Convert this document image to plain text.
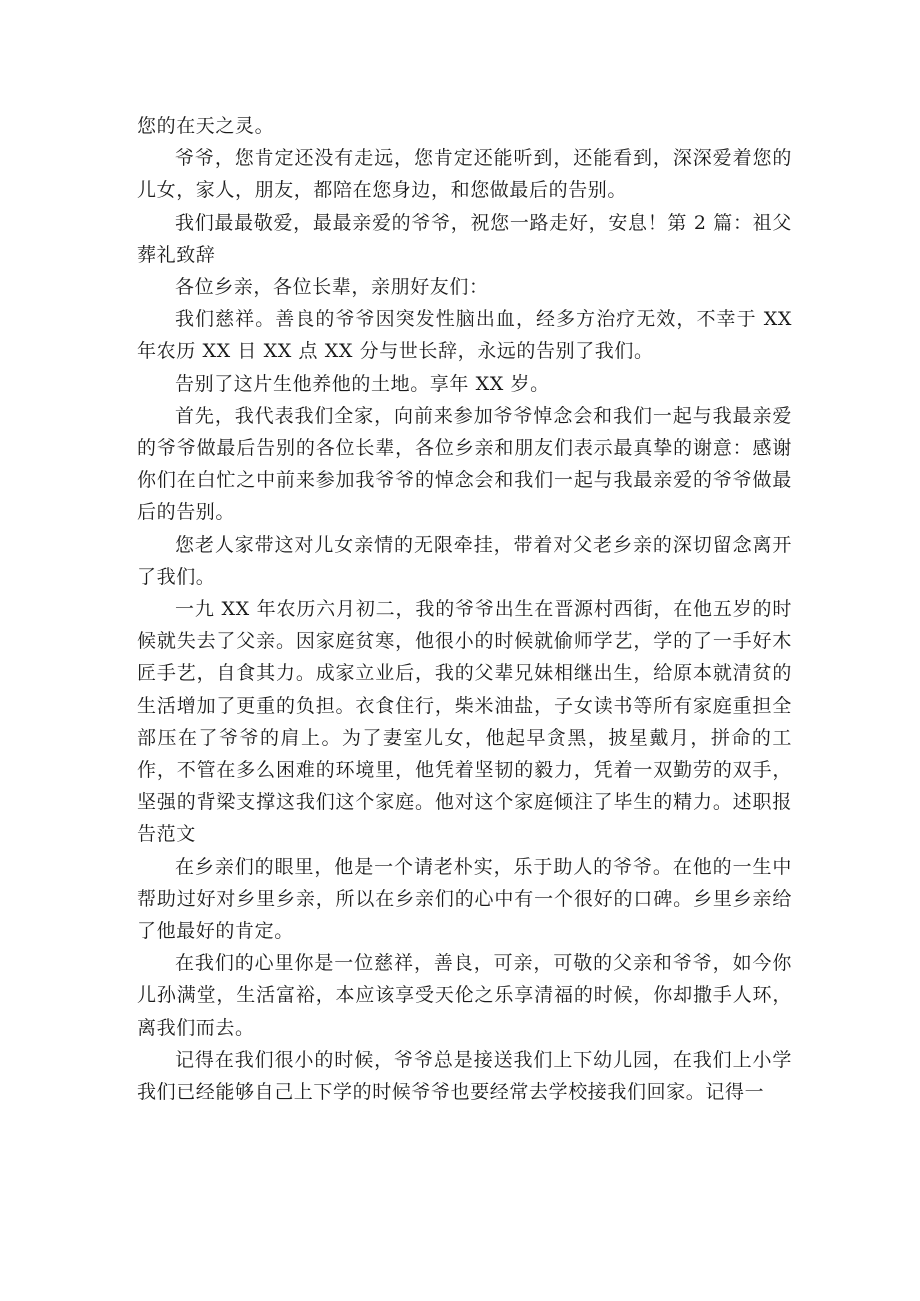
您的在天之灵。

爷爷，您肯定还没有走远，您肯定还能听到，还能看到，深深爱着您的儿女，家人，朋友，都陪在您身边，和您做最后的告别。

我们最最敬爱，最最亲爱的爷爷，祝您一路走好，安息！第 2 篇：祖父葬礼致辞

各位乡亲，各位长辈，亲朋好友们：

我们慈祥。善良的爷爷因突发性脑出血，经多方治疗无效，不幸于 XX 年农历 XX 日 XX 点 XX 分与世长辞，永远的告别了我们。

告别了这片生他养他的土地。享年 XX 岁。

首先，我代表我们全家，向前来参加爷爷悼念会和我们一起与我最亲爱的爷爷做最后告别的各位长辈，各位乡亲和朋友们表示最真挚的谢意：感谢你们在白忙之中前来参加我爷爷的悼念会和我们一起与我最亲爱的爷爷做最后的告别。

您老人家带这对儿女亲情的无限牵挂，带着对父老乡亲的深切留念离开了我们。

一九 XX 年农历六月初二，我的爷爷出生在晋源村西街，在他五岁的时候就失去了父亲。因家庭贫寒，他很小的时候就偷师学艺，学的了一手好木匠手艺，自食其力。成家立业后，我的父辈兄妹相继出生，给原本就清贫的生活增加了更重的负担。衣食住行，柴米油盐，子女读书等所有家庭重担全部压在了爷爷的肩上。为了妻室儿女，他起早贪黑，披星戴月，拼命的工作，不管在多么困难的环境里，他凭着坚韧的毅力，凭着一双勤劳的双手，坚强的背梁支撑这我们这个家庭。他对这个家庭倾注了毕生的精力。述职报告范文

在乡亲们的眼里，他是一个请老朴实，乐于助人的爷爷。在他的一生中帮助过好对乡里乡亲，所以在乡亲们的心中有一个很好的口碑。乡里乡亲给了他最好的肯定。

在我们的心里你是一位慈祥，善良，可亲，可敬的父亲和爷爷，如今你儿孙满堂，生活富裕，本应该享受天伦之乐享清福的时候，你却撒手人环，离我们而去。

记得在我们很小的时候，爷爷总是接送我们上下幼儿园，在我们上小学我们已经能够自己上下学的时候爷爷也要经常去学校接我们回家。记得一
